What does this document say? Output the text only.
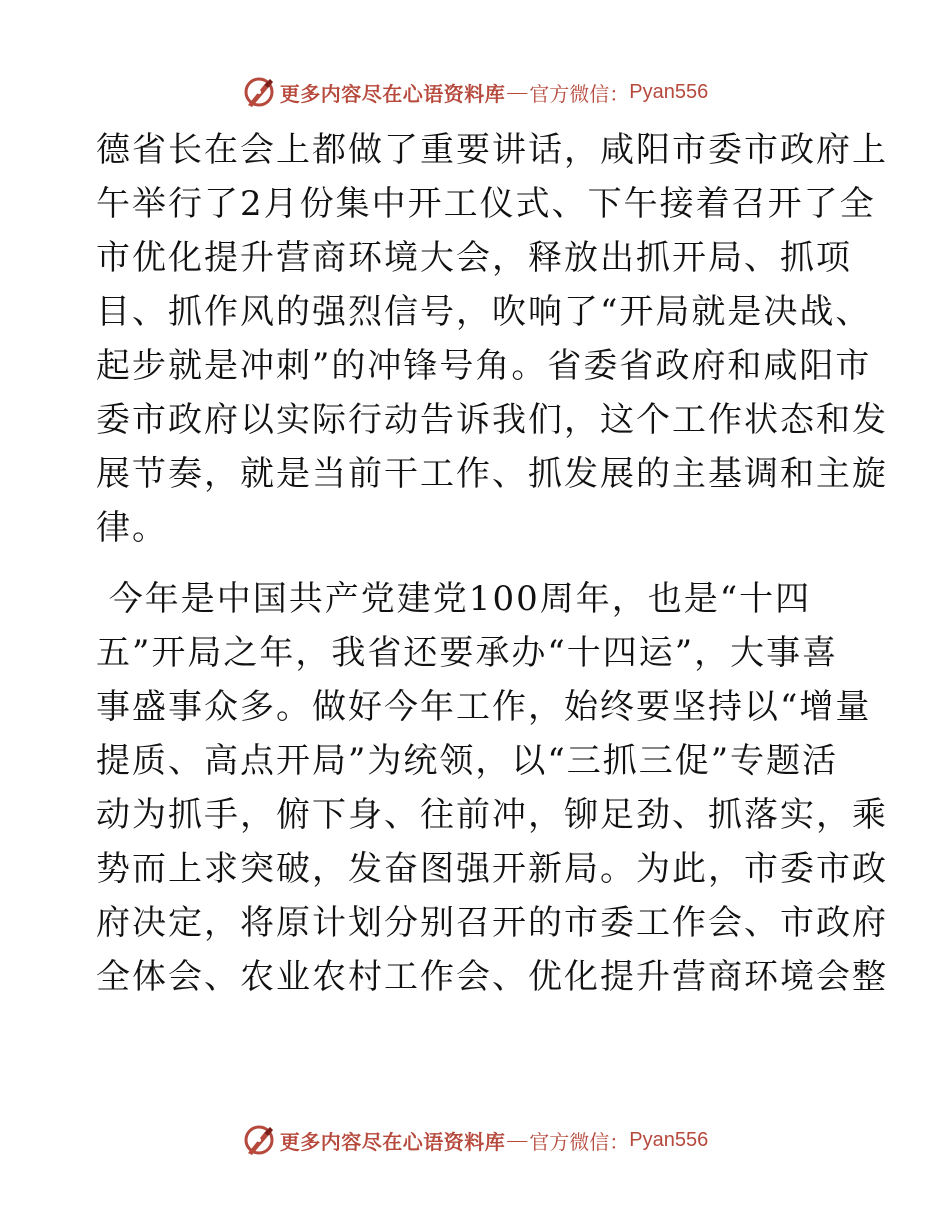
更多内容尽在心语资料库 — 官方微信： Pyan556
德省长在会上都做了重要讲话，咸阳市委市政府上
午举行了2月份集中开工仪式、下午接着召开了全
市优化提升营商环境大会，释放出抓开局、抓项
目、抓作风的强烈信号，吹响了“开局就是决战、
起步就是冲刺”的冲锋号角。省委省政府和咸阳市
委市政府以实际行动告诉我们，这个工作状态和发
展节奏，就是当前干工作、抓发展的主基调和主旋
律。
今年是中国共产党建党100周年，也是“十四
五”开局之年，我省还要承办“十四运”，大事喜
事盛事众多。做好今年工作，始终要坚持以“增量
提质、高点开局”为统领，以“三抓三促”专题活
动为抓手，俯下身、往前冲，铆足劲、抓落实，乘
势而上求突破，发奋图强开新局。为此，市委市政
府决定，将原计划分别召开的市委工作会、市政府
全体会、农业农村工作会、优化提升营商环境会整
更多内容尽在心语资料库 — 官方微信： Pyan556
